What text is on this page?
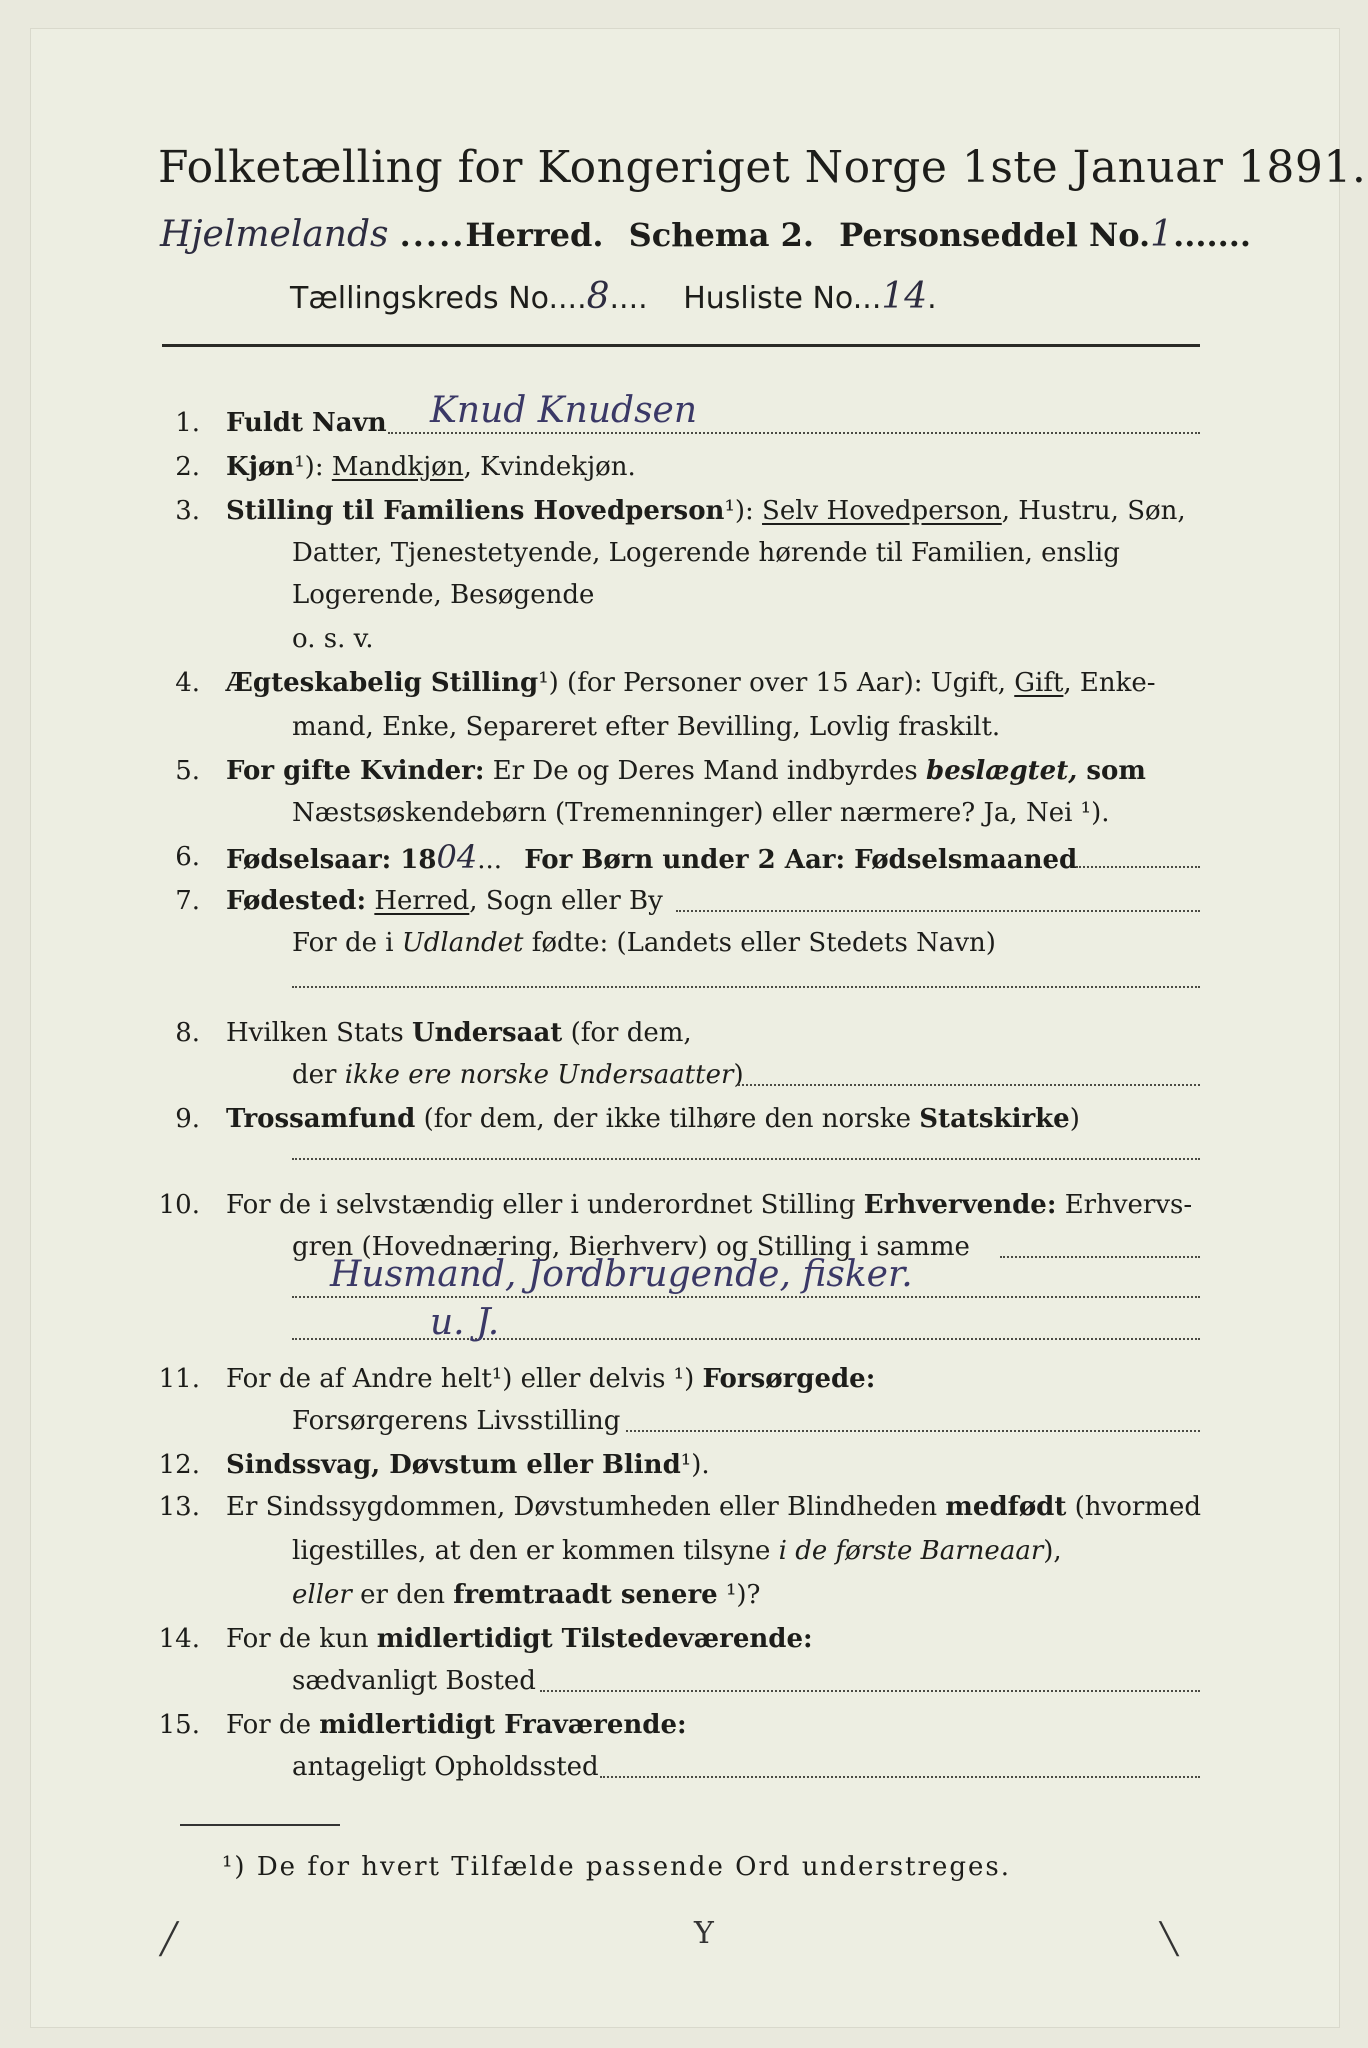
Folketælling for Kongeriget Norge 1ste Januar 1891.
Hjelmelands .....Herred. Schema 2. Personseddel No.1.......
Tællingskreds No....8.... Husliste No...14.
1. Fuldt Navn Knud Knudsen
2. Kjøn¹): Mandkjøn, Kvindekjøn.
3. Stilling til Familiens Hovedperson¹): Selv Hovedperson, Hustru, Søn,
Datter, Tjenestetyende, Logerende hørende til Familien, enslig
Logerende, Besøgende
o. s. v.
4. Ægteskabelig Stilling¹) (for Personer over 15 Aar): Ugift, Gift, Enke-
mand, Enke, Separeret efter Bevilling, Lovlig fraskilt.
5. For gifte Kvinder: Er De og Deres Mand indbyrdes beslægtet, som
Næstsøskendebørn (Tremenninger) eller nærmere? Ja, Nei ¹).
6. Fødselsaar: 1804... For Børn under 2 Aar: Fødselsmaaned
7. Fødested: Herred, Sogn eller By
For de i Udlandet fødte: (Landets eller Stedets Navn)
8. Hvilken Stats Undersaat (for dem,
der ikke ere norske Undersaatter)
9. Trossamfund (for dem, der ikke tilhøre den norske Statskirke)
10. For de i selvstændig eller i underordnet Stilling Erhvervende: Erhvervs-
gren (Hovednæring, Bierhverv) og Stilling i samme
Husmand, Jordbrugende, fisker.
u. J.
11. For de af Andre helt¹) eller delvis ¹) Forsørgede:
Forsørgerens Livsstilling
12. Sindssvag, Døvstum eller Blind¹).
13. Er Sindssygdommen, Døvstumheden eller Blindheden medfødt (hvormed
ligestilles, at den er kommen tilsyne i de første Barneaar),
eller er den fremtraadt senere ¹)?
14. For de kun midlertidigt Tilstedeværende:
sædvanligt Bosted
15. For de midlertidigt Fraværende:
antageligt Opholdssted
¹) De for hvert Tilfælde passende Ord understreges.
╱	Y	╲
